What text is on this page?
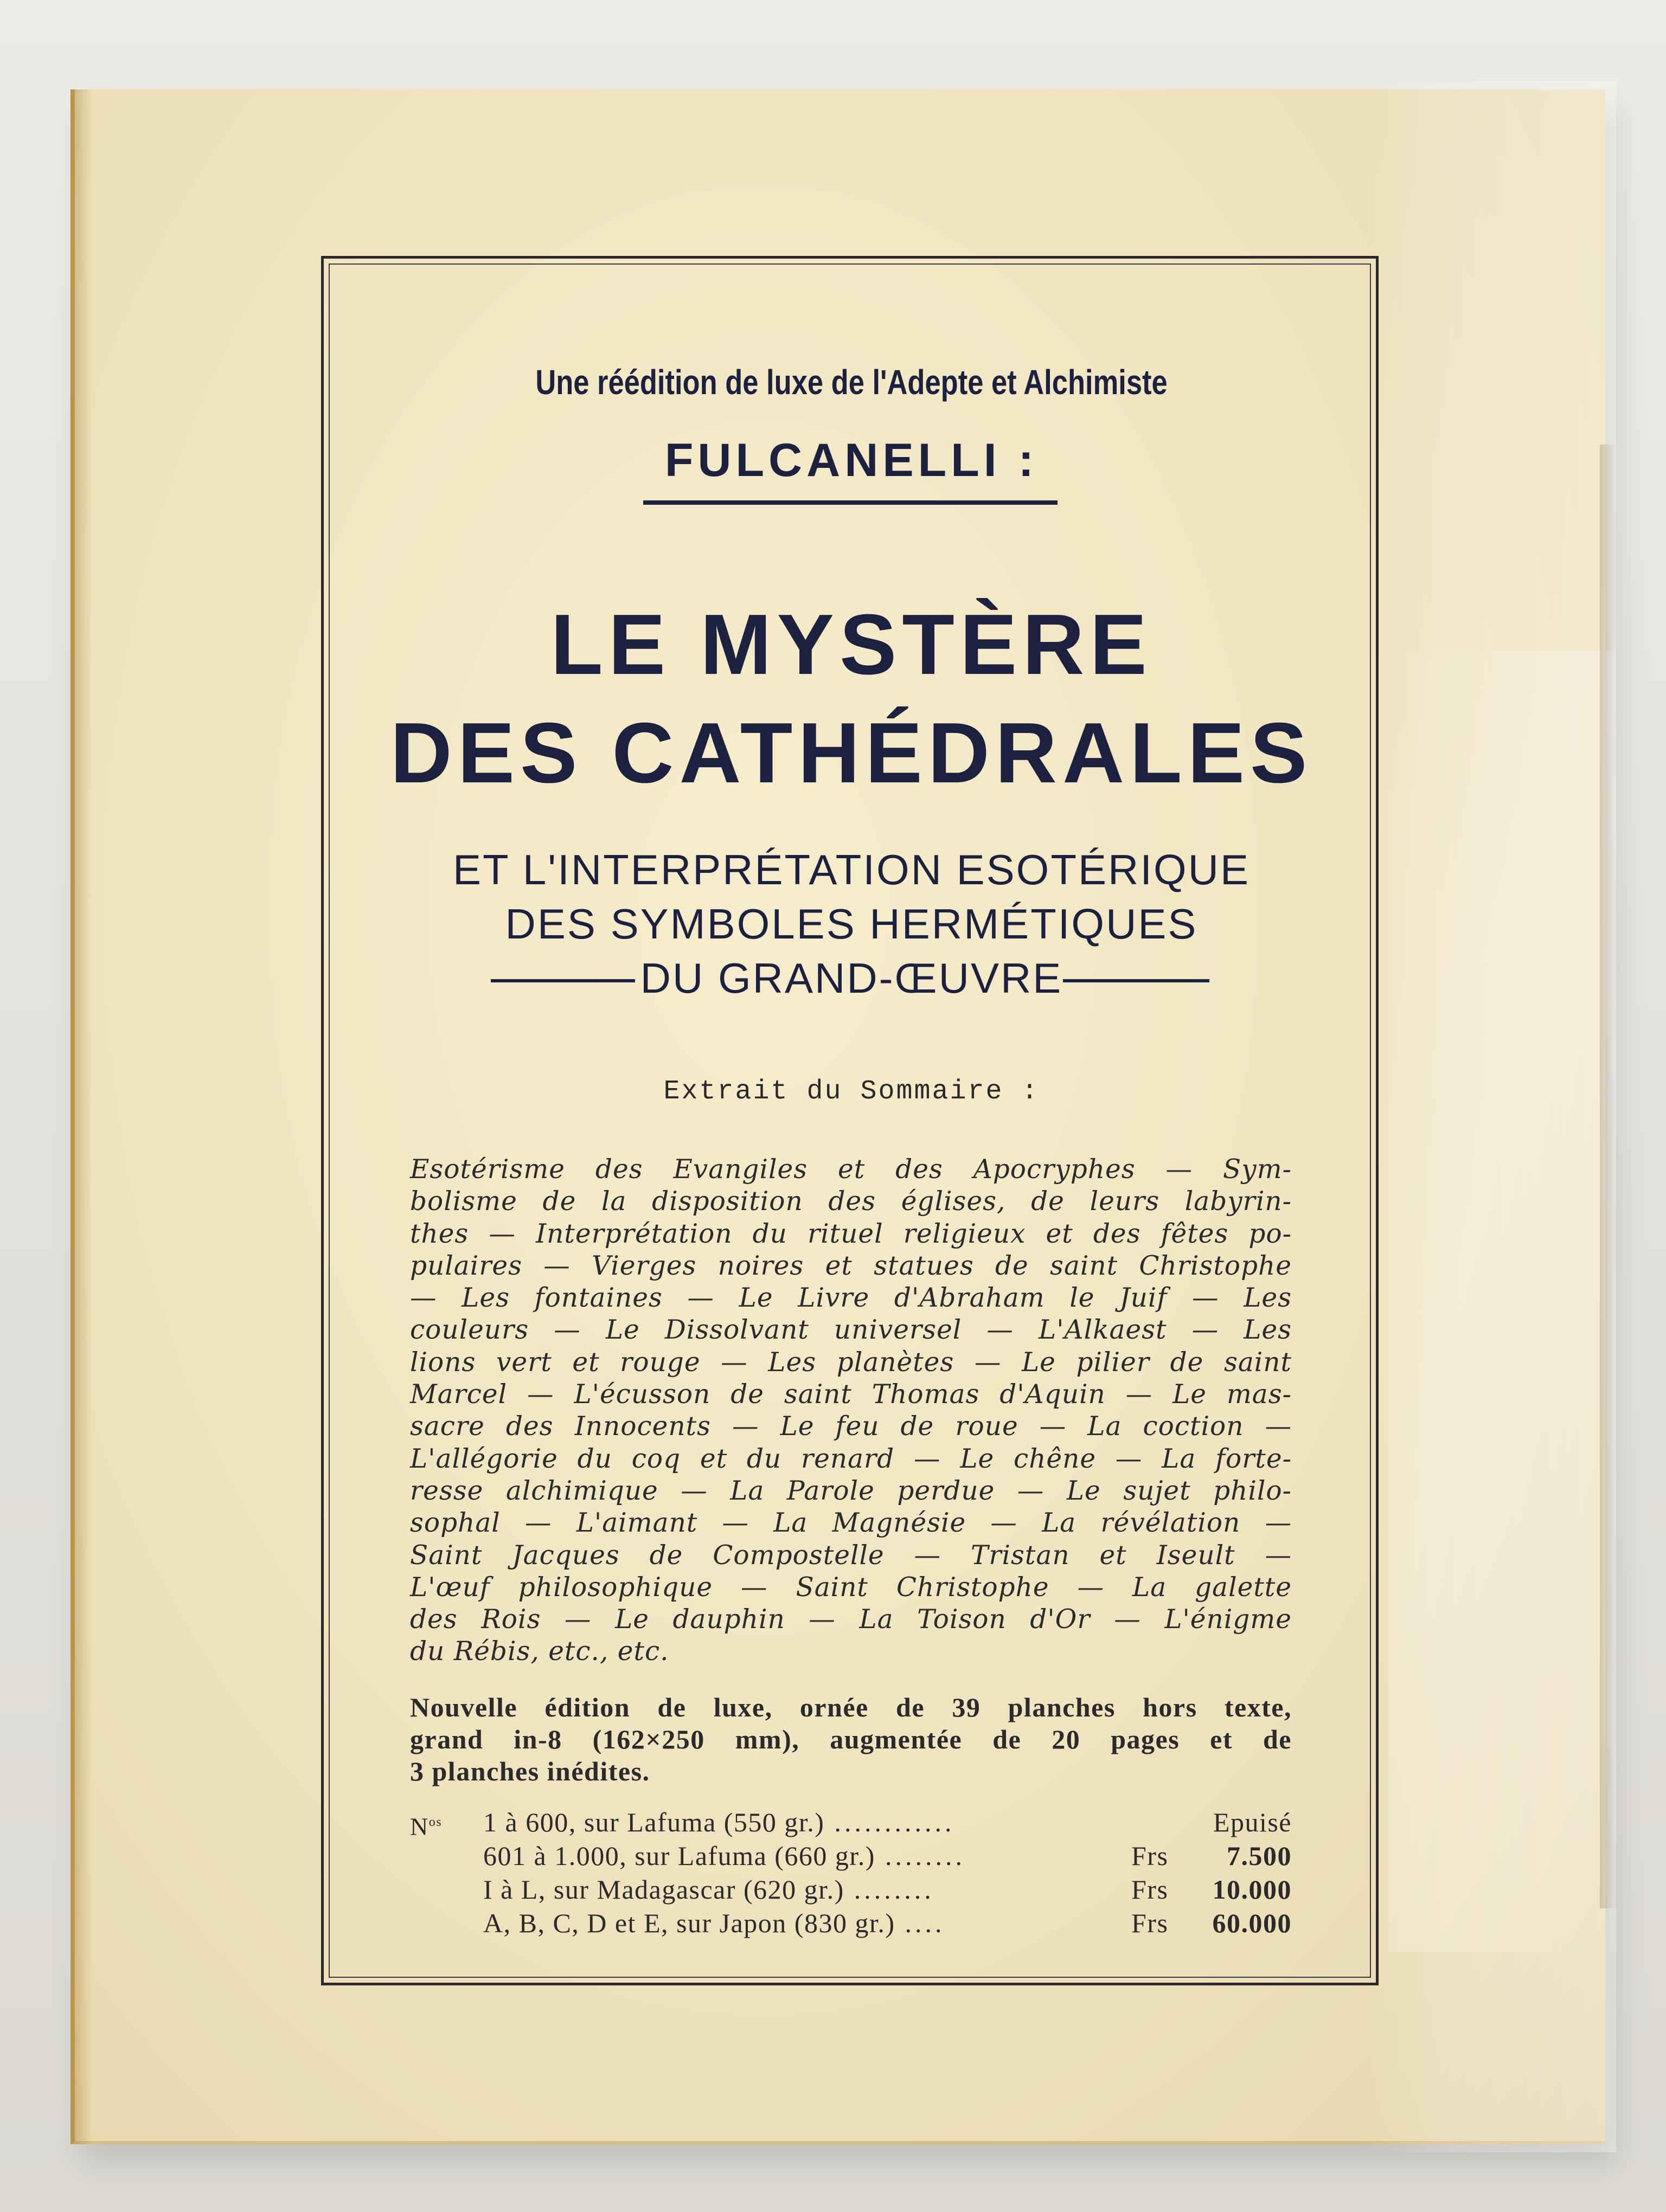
Une réédition de luxe de l'Adepte et Alchimiste
FULCANELLI :
LE MYSTÈRE
DES CATHÉDRALES
ET L'INTERPRÉTATION ESOTÉRIQUE
DES SYMBOLES HERMÉTIQUES
DU GRAND-ŒUVRE
Extrait du Sommaire :
Esotérisme des Evangiles et des Apocryphes — Sym-
bolisme de la disposition des églises, de leurs labyrin-
thes — Interprétation du rituel religieux et des fêtes po-
pulaires — Vierges noires et statues de saint Christophe
— Les fontaines — Le Livre d'Abraham le Juif — Les
couleurs — Le Dissolvant universel — L'Alkaest — Les
lions vert et rouge — Les planètes — Le pilier de saint
Marcel — L'écusson de saint Thomas d'Aquin — Le mas-
sacre des Innocents — Le feu de roue — La coction —
L'allégorie du coq et du renard — Le chêne — La forte-
resse alchimique — La Parole perdue — Le sujet philo-
sophal — L'aimant — La Magnésie — La révélation —
Saint Jacques de Compostelle — Tristan et Iseult —
L'œuf philosophique — Saint Christophe — La galette
des Rois — Le dauphin — La Toison d'Or — L'énigme
du Rébis, etc., etc.
Nouvelle édition de luxe, ornée de 39 planches hors texte,
grand in-8 (162×250 mm), augmentée de 20 pages et de
3 planches inédites.
$N^{os}$ 1 à 600, sur Lafuma (550 gr.) ............	Epuisé
601 à 1.000, sur Lafuma (660 gr.) ........	Frs 7.500
I à L, sur Madagascar (620 gr.) ........	Frs 10.000
A, B, C, D et E, sur Japon (830 gr.) ....	Frs 60.000
